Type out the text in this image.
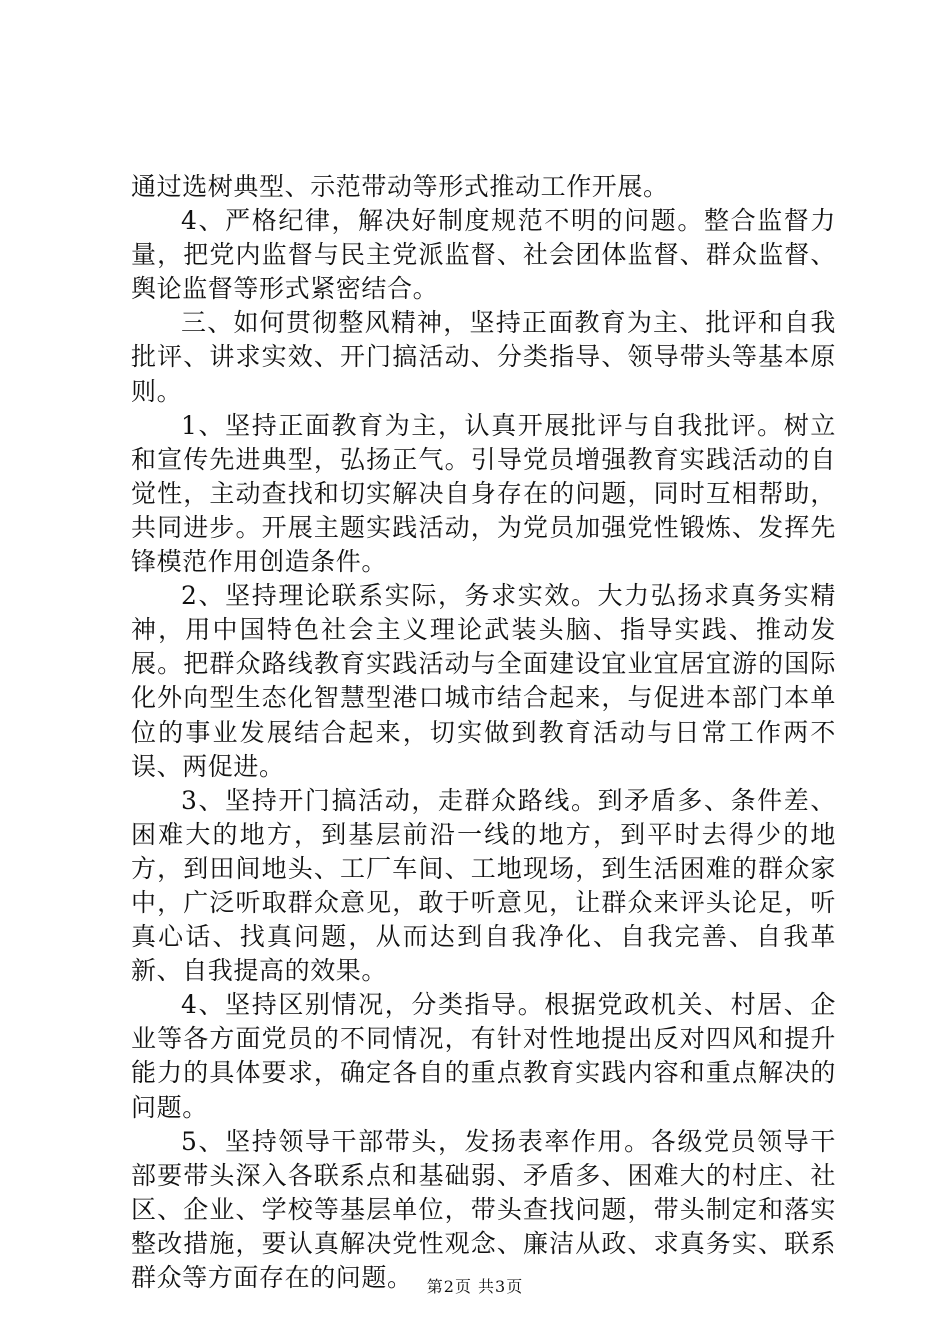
通过选树典型、示范带动等形式推动工作开展。

4、严格纪律，解决好制度规范不明的问题。整合监督力量，把党内监督与民主党派监督、社会团体监督、群众监督、舆论监督等形式紧密结合。

三、如何贯彻整风精神，坚持正面教育为主、批评和自我批评、讲求实效、开门搞活动、分类指导、领导带头等基本原则。

1、坚持正面教育为主，认真开展批评与自我批评。树立和宣传先进典型，弘扬正气。引导党员增强教育实践活动的自觉性，主动查找和切实解决自身存在的问题，同时互相帮助，共同进步。开展主题实践活动，为党员加强党性锻炼、发挥先锋模范作用创造条件。

2、坚持理论联系实际，务求实效。大力弘扬求真务实精神，用中国特色社会主义理论武装头脑、指导实践、推动发展。把群众路线教育实践活动与全面建设宜业宜居宜游的国际化外向型生态化智慧型港口城市结合起来，与促进本部门本单位的事业发展结合起来，切实做到教育活动与日常工作两不误、两促进。

3、坚持开门搞活动，走群众路线。到矛盾多、条件差、困难大的地方，到基层前沿一线的地方，到平时去得少的地方，到田间地头、工厂车间、工地现场，到生活困难的群众家中，广泛听取群众意见，敢于听意见，让群众来评头论足，听真心话、找真问题，从而达到自我净化、自我完善、自我革新、自我提高的效果。

4、坚持区别情况，分类指导。根据党政机关、村居、企业等各方面党员的不同情况，有针对性地提出反对四风和提升能力的具体要求，确定各自的重点教育实践内容和重点解决的问题。

5、坚持领导干部带头，发扬表率作用。各级党员领导干部要带头深入各联系点和基础弱、矛盾多、困难大的村庄、社区、企业、学校等基层单位，带头查找问题，带头制定和落实整改措施，要认真解决党性观念、廉洁从政、求真务实、联系群众等方面存在的问题。 第2页 共3页
